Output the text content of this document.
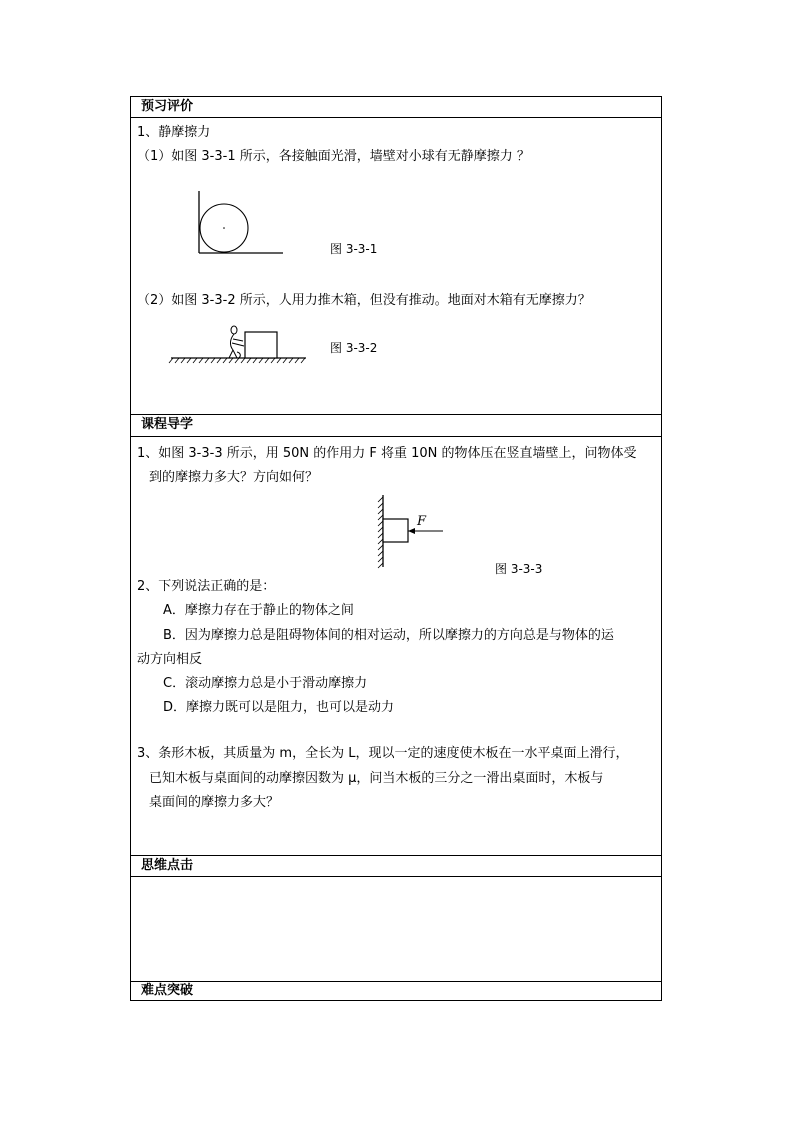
预习评价
1、静摩擦力
（1）如图 3-3-1 所示，各接触面光滑，墙壁对小球有无静摩擦力 ？
图 3-3-1
（2）如图 3-3-2 所示，人用力推木箱，但没有推动。地面对木箱有无摩擦力？
图 3-3-2
课程导学
1、如图 3-3-3 所示，用 50N 的作用力 F 将重 10N 的物体压在竖直墙壁上，问物体受
到的摩擦力多大？方向如何？
F
图 3-3-3
2、下列说法正确的是：
A．摩擦力存在于静止的物体之间
B．因为摩擦力总是阻碍物体间的相对运动，所以摩擦力的方向总是与物体的运
动方向相反
C．滚动摩擦力总是小于滑动摩擦力
D．摩擦力既可以是阻力，也可以是动力
3、条形木板，其质量为 m，全长为 L，现以一定的速度使木板在一水平桌面上滑行，
已知木板与桌面间的动摩擦因数为 μ，问当木板的三分之一滑出桌面时，木板与
桌面间的摩擦力多大？
思维点击
难点突破
